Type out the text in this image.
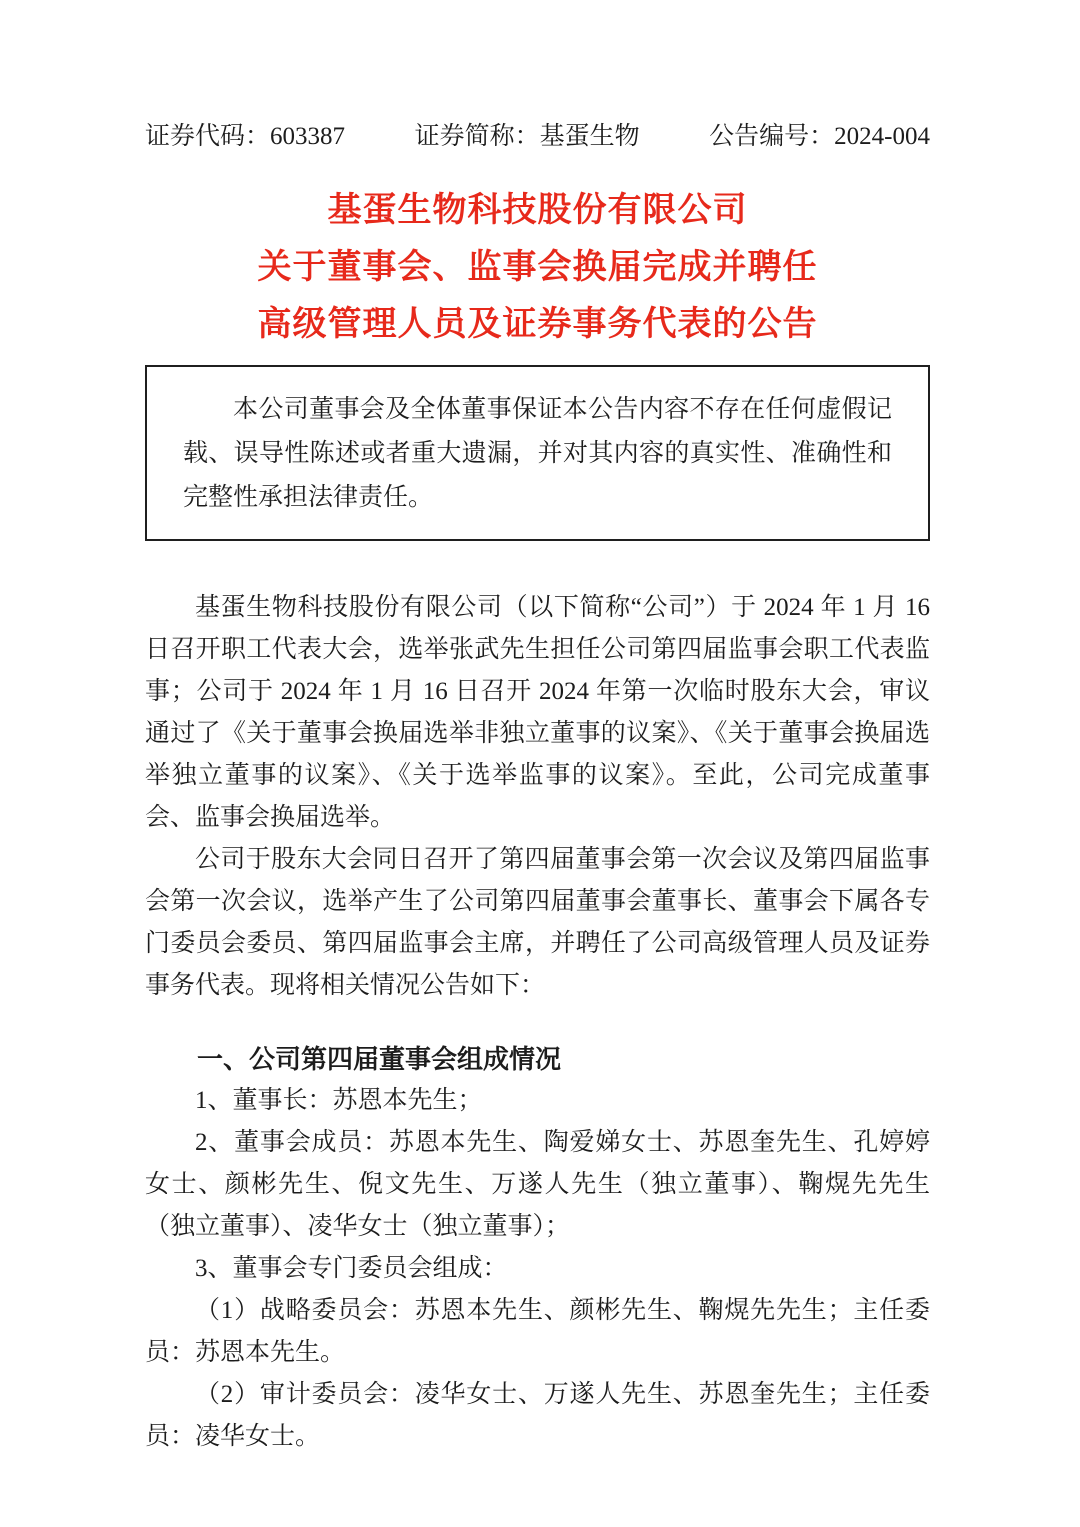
证券代码：603387	证券简称：基蛋生物	公告编号：2024-004
基蛋生物科技股份有限公司
关于董事会、监事会换届完成并聘任
高级管理人员及证券事务代表的公告

本公司董事会及全体董事保证本公告内容不存在任何虚假记载、误导性陈述或者重大遗漏，并对其内容的真实性、准确性和完整性承担法律责任。

基蛋生物科技股份有限公司（以下简称“公司”）于 2024 年 1 月 16 日召开职工代表大会，选举张武先生担任公司第四届监事会职工代表监事；公司于 2024 年 1 月 16 日召开 2024 年第一次临时股东大会，审议通过了《关于董事会换届选举非独立董事的议案》、《关于董事会换届选举独立董事的议案》、《关于选举监事的议案》。至此，公司完成董事会、监事会换届选举。

公司于股东大会同日召开了第四届董事会第一次会议及第四届监事会第一次会议，选举产生了公司第四届董事会董事长、董事会下属各专门委员会委员、第四届监事会主席，并聘任了公司高级管理人员及证券事务代表。现将相关情况公告如下：

一、公司第四届董事会组成情况

1、董事长：苏恩本先生；

2、董事会成员：苏恩本先生、陶爱娣女士、苏恩奎先生、孔婷婷女士、颜彬先生、倪文先生、万遂人先生（独立董事）、鞠熀先先生（独立董事）、凌华女士（独立董事）；

3、董事会专门委员会组成：

（1）战略委员会：苏恩本先生、颜彬先生、鞠熀先先生；主任委员：苏恩本先生。

（2）审计委员会：凌华女士、万遂人先生、苏恩奎先生；主任委员：凌华女士。
